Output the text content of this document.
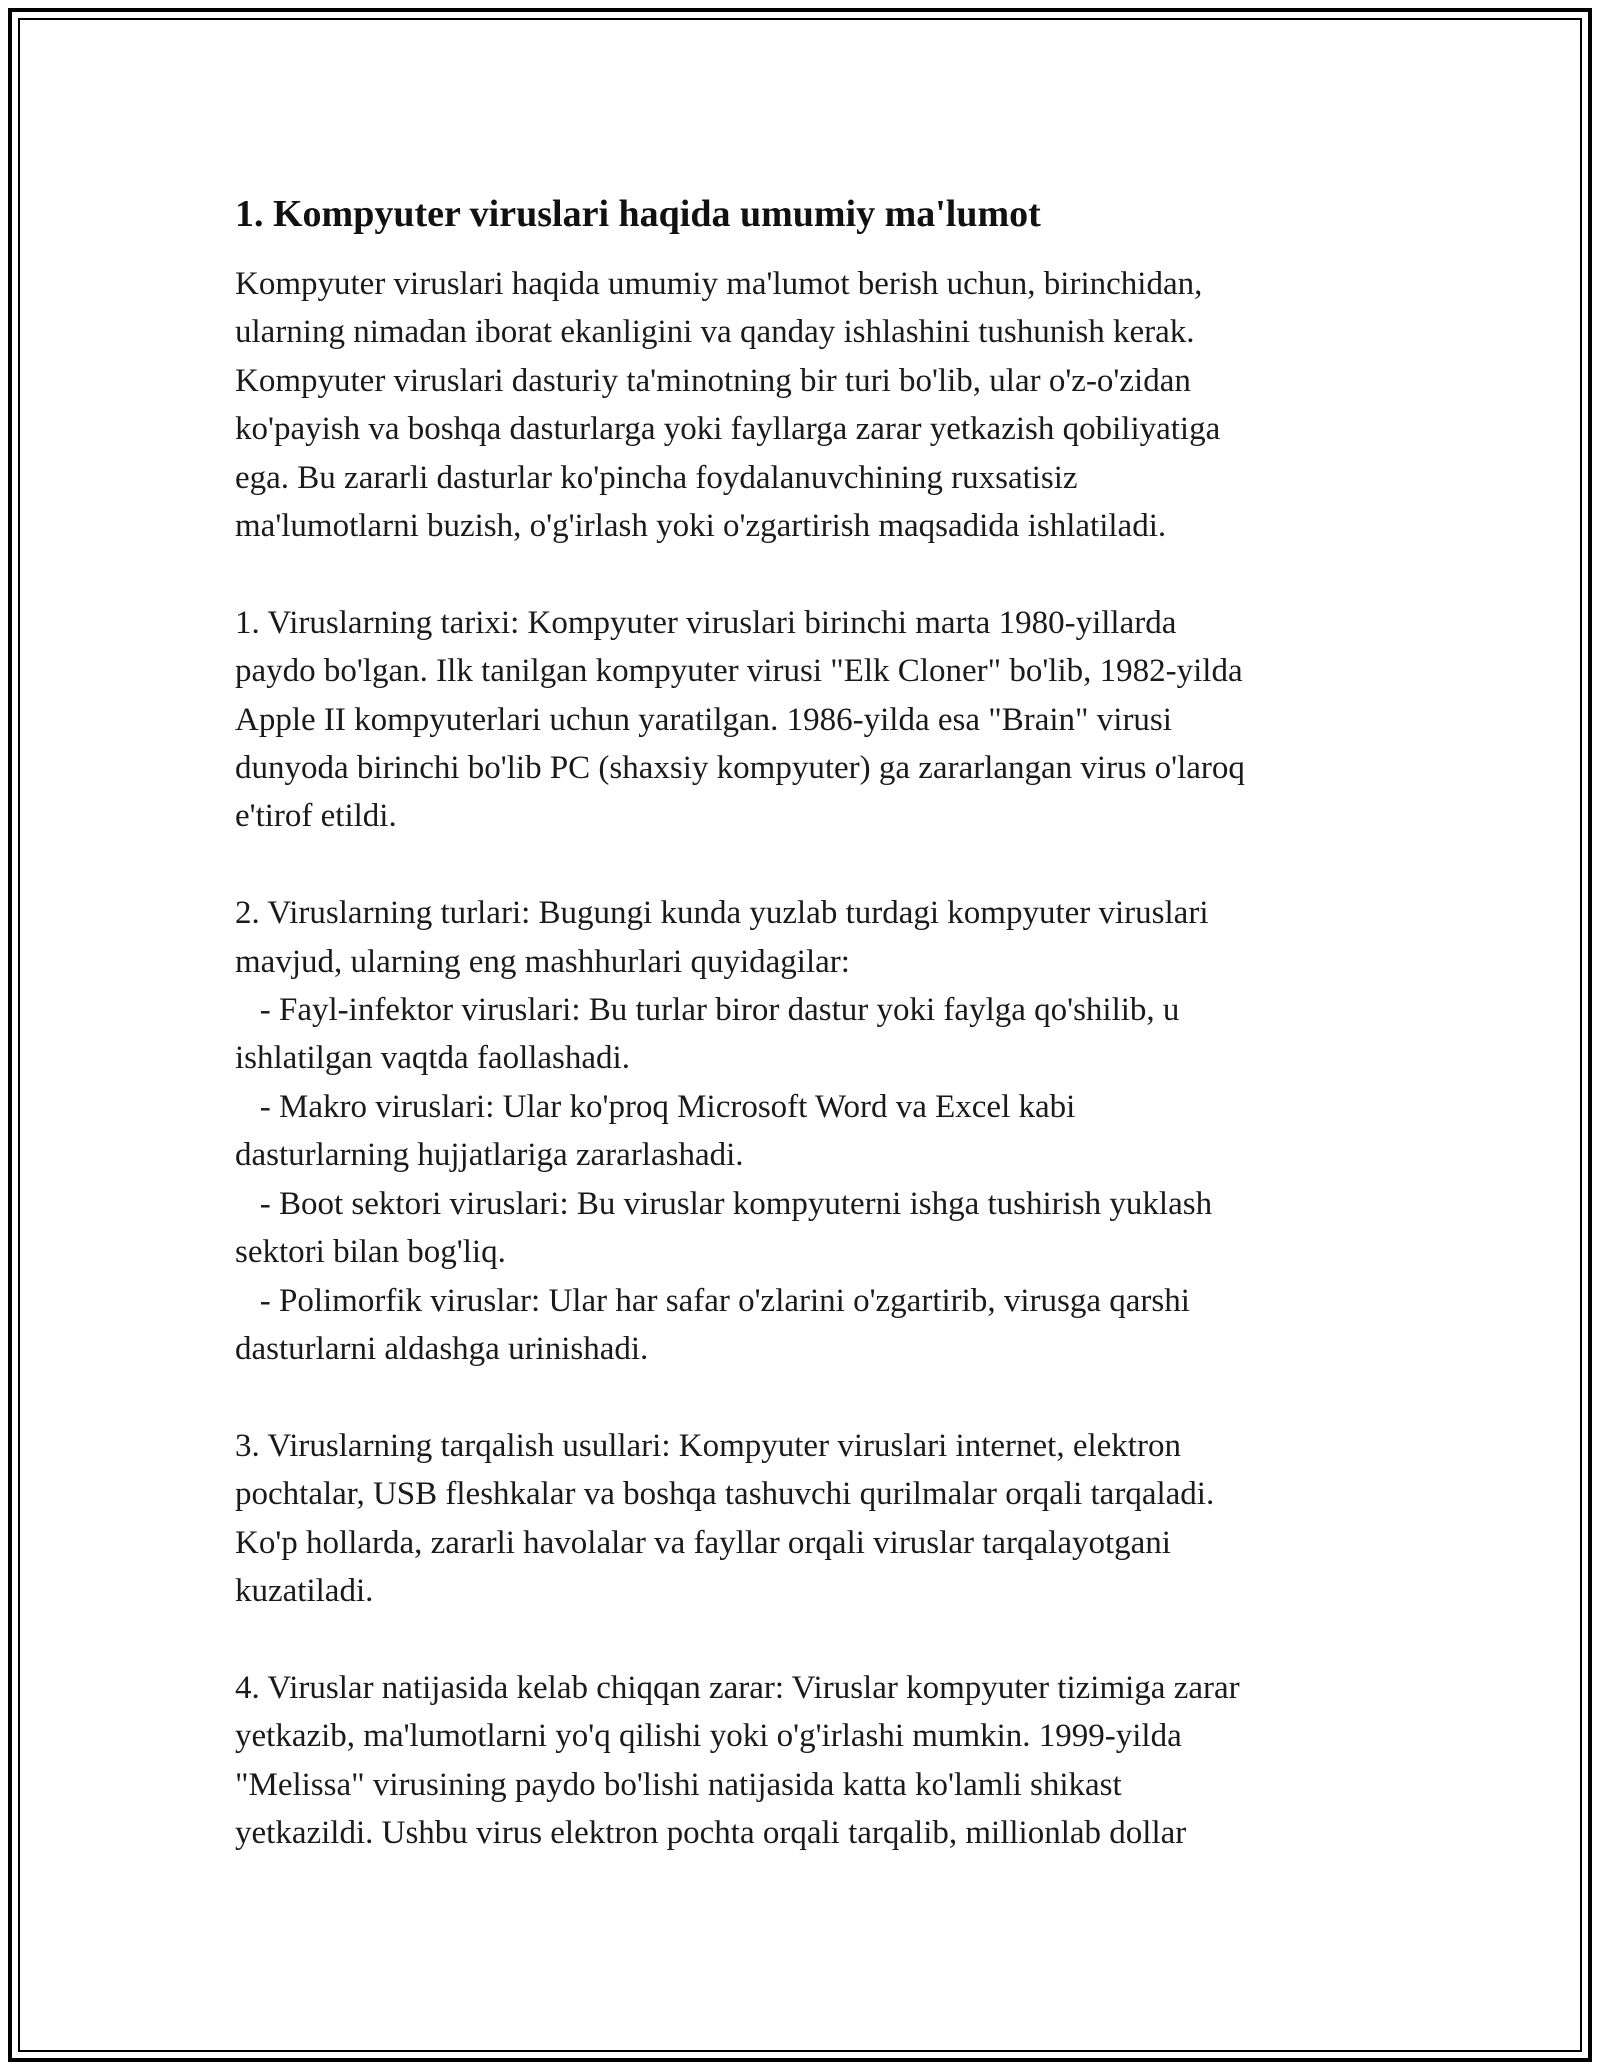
1. Kompyuter viruslari haqida umumiy ma'lumot
Kompyuter viruslari haqida umumiy ma'lumot berish uchun, birinchidan,
ularning nimadan iborat ekanligini va qanday ishlashini tushunish kerak.
Kompyuter viruslari dasturiy ta'minotning bir turi bo'lib, ular o'z-o'zidan
ko'payish va boshqa dasturlarga yoki fayllarga zarar yetkazish qobiliyatiga
ega. Bu zararli dasturlar ko'pincha foydalanuvchining ruxsatisiz
ma'lumotlarni buzish, o'g'irlash yoki o'zgartirish maqsadida ishlatiladi.
1. Viruslarning tarixi: Kompyuter viruslari birinchi marta 1980-yillarda
paydo bo'lgan. Ilk tanilgan kompyuter virusi "Elk Cloner" bo'lib, 1982-yilda
Apple II kompyuterlari uchun yaratilgan. 1986-yilda esa "Brain" virusi
dunyoda birinchi bo'lib PC (shaxsiy kompyuter) ga zararlangan virus o'laroq
e'tirof etildi.
2. Viruslarning turlari: Bugungi kunda yuzlab turdagi kompyuter viruslari
mavjud, ularning eng mashhurlari quyidagilar:
- Fayl-infektor viruslari: Bu turlar biror dastur yoki faylga qo'shilib, u
ishlatilgan vaqtda faollashadi.
- Makro viruslari: Ular ko'proq Microsoft Word va Excel kabi
dasturlarning hujjatlariga zararlashadi.
- Boot sektori viruslari: Bu viruslar kompyuterni ishga tushirish yuklash
sektori bilan bog'liq.
- Polimorfik viruslar: Ular har safar o'zlarini o'zgartirib, virusga qarshi
dasturlarni aldashga urinishadi.
3. Viruslarning tarqalish usullari: Kompyuter viruslari internet, elektron
pochtalar, USB fleshkalar va boshqa tashuvchi qurilmalar orqali tarqaladi.
Ko'p hollarda, zararli havolalar va fayllar orqali viruslar tarqalayotgani
kuzatiladi.
4. Viruslar natijasida kelab chiqqan zarar: Viruslar kompyuter tizimiga zarar
yetkazib, ma'lumotlarni yo'q qilishi yoki o'g'irlashi mumkin. 1999-yilda
"Melissa" virusining paydo bo'lishi natijasida katta ko'lamli shikast
yetkazildi. Ushbu virus elektron pochta orqali tarqalib, millionlab dollar
